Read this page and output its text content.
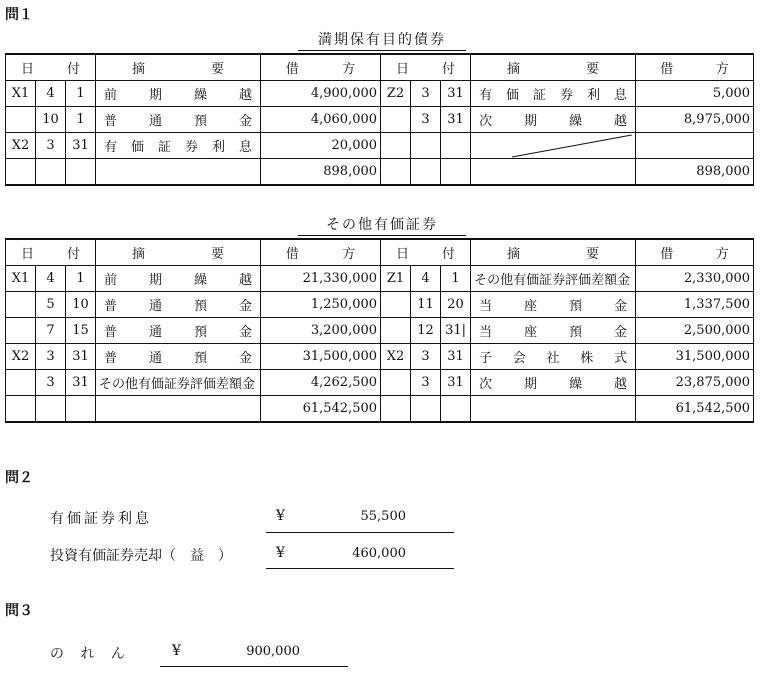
問１
満期保有目的債券
日 付			摘 要	借 方	日 付			摘 要	借 方

X1	4	1	前期繰越	4,900,000	Z2	3	31	有価証券利息	5,000
	10	1	普通預金	4,060,000		3	31	次期繰越	8,975,000
X2	3	31	有価証券利息	20,000				

				898,000					898,000
その他有価証券
日 付			摘 要	借 方	日 付			摘 要	借 方

X1	4	1	前期繰越	21,330,000	Z1	4	1	その他有価証券評価差額金	2,330,000
	5	10	普通預金	1,250,000		11	20	当座預金	1,337,500
	7	15	普通預金	3,200,000		12	31|	当座預金	2,500,000
X2	3	31	普通預金	31,500,000	X2	3	31	子会社株式	31,500,000
	3	31	その他有価証券評価差額金	4,262,500		3	31	次期繰越	23,875,000
				61,542,500					61,542,500
問２
有価証券利息	¥	55,500
投資有価証券売却（　益　）	¥	460,000
問３
の れ ん	¥	900,000
